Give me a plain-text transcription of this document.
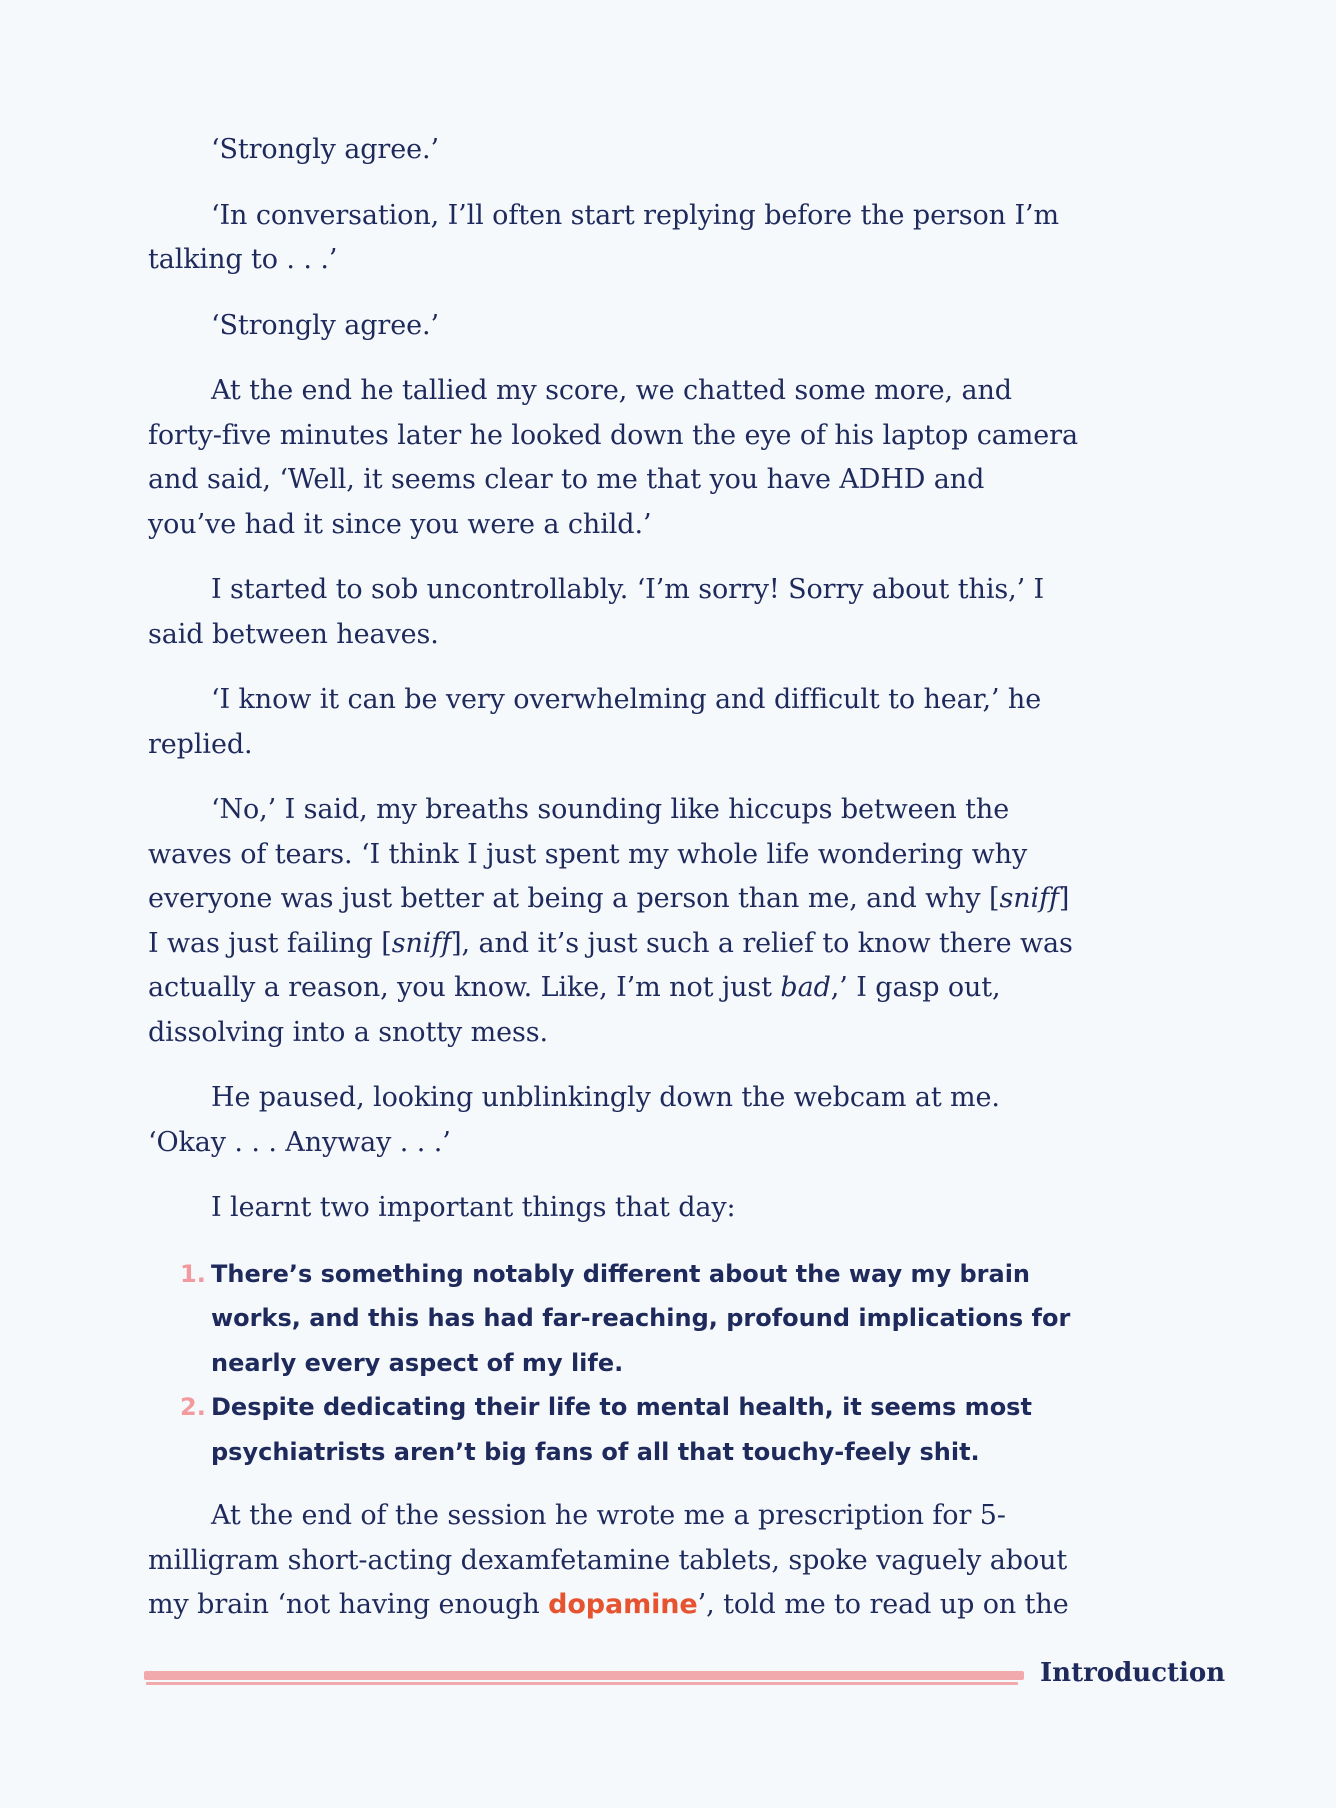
‘Strongly agree.’

‘In conversation, I’ll often start replying before the person I’m talking to . . .’

‘Strongly agree.’

At the end he tallied my score, we chatted some more, and forty-five minutes later he looked down the eye of his laptop camera and said, ‘Well, it seems clear to me that you have ADHD and you’ve had it since you were a child.’

I started to sob uncontrollably. ‘I’m sorry! Sorry about this,’ I said between heaves.

‘I know it can be very overwhelming and difficult to hear,’ he replied.

‘No,’ I said, my breaths sounding like hiccups between the waves of tears. ‘I think I just spent my whole life wondering why everyone was just better at being a person than me, and why [sniff] I was just failing [sniff], and it’s just such a relief to know there was actually a reason, you know. Like, I’m not just bad,’ I gasp out, dissolving into a snotty mess.

He paused, looking unblinkingly down the webcam at me.
‘Okay . . . Anyway . . .’

I learnt two important things that day:

1. There’s something notably different about the way my brain works, and this has had far-reaching, profound implications for nearly every aspect of my life.
2. Despite dedicating their life to mental health, it seems most psychiatrists aren’t big fans of all that touchy-feely shit.

At the end of the session he wrote me a prescription for 5-milligram short-acting dexamfetamine tablets, spoke vaguely about my brain ‘not having enough dopamine’, told me to read up on the

Introduction
